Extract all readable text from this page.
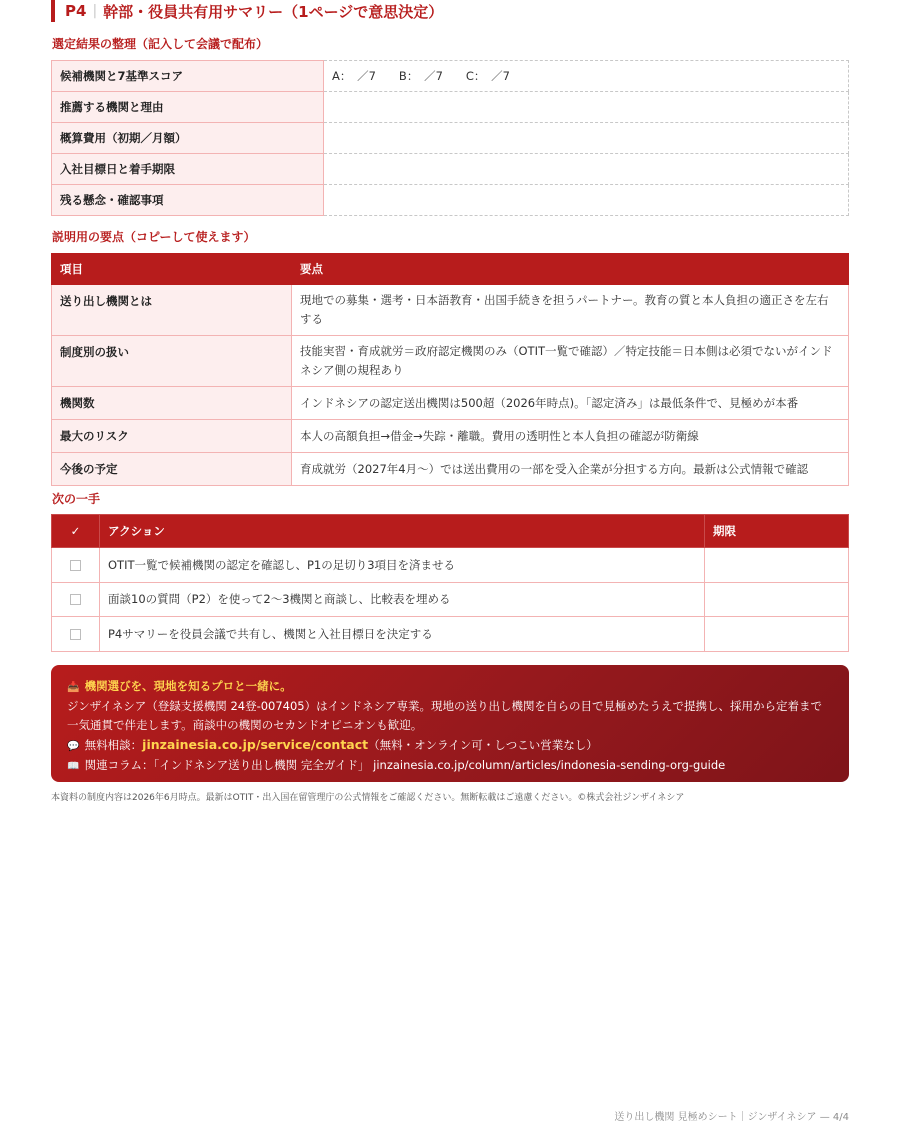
P4 | 幹部・役員共有用サマリー（1ページで意思決定）
選定結果の整理（記入して会議で配布）
候補機関と7基準スコア	A：　／7　　B：　／7　　C：　／7
推薦する機関と理由	
概算費用（初期／月額）	
入社目標日と着手期限	
残る懸念・確認事項	
説明用の要点（コピーして使えます）
項目	要点
送り出し機関とは	現地での募集・選考・日本語教育・出国手続きを担うパートナー。教育の質と本人負担の適正さを左右する
制度別の扱い	技能実習・育成就労＝政府認定機関のみ（OTIT一覧で確認）／特定技能＝日本側は必須でないがインドネシア側の規程あり
機関数	インドネシアの認定送出機関は500超（2026年時点)。「認定済み」は最低条件で、見極めが本番
最大のリスク	本人の高額負担→借金→失踪・離職。費用の透明性と本人負担の確認が防衛線
今後の予定	育成就労（2027年4月〜）では送出費用の一部を受入企業が分担する方向。最新は公式情報で確認
次の一手
✓	アクション	期限
	OTIT一覧で候補機関の認定を確認し、P1の足切り3項目を済ませる	
	面談10の質問（P2）を使って2〜3機関と商談し、比較表を埋める	
	P4サマリーを役員会議で共有し、機関と入社目標日を決定する	
📥 機関選びを、現地を知るプロと一緒に。
ジンザイネシア（登録支援機関 24登-007405）はインドネシア専業。現地の送り出し機関を自らの目で見極めたうえで提携し、採用から定着まで一気通貫で伴走します。商談中の機関のセカンドオピニオンも歓迎。
💬 無料相談：jinzainesia.co.jp/service/contact（無料・オンライン可・しつこい営業なし）
📖 関連コラム：「インドネシア送り出し機関 完全ガイド」 jinzainesia.co.jp/column/articles/indonesia-sending-org-guide
本資料の制度内容は2026年6月時点。最新はOTIT・出入国在留管理庁の公式情報をご確認ください。無断転載はご遠慮ください。©株式会社ジンザイネシア
送り出し機関 見極めシート｜ジンザイネシア — 4/4
